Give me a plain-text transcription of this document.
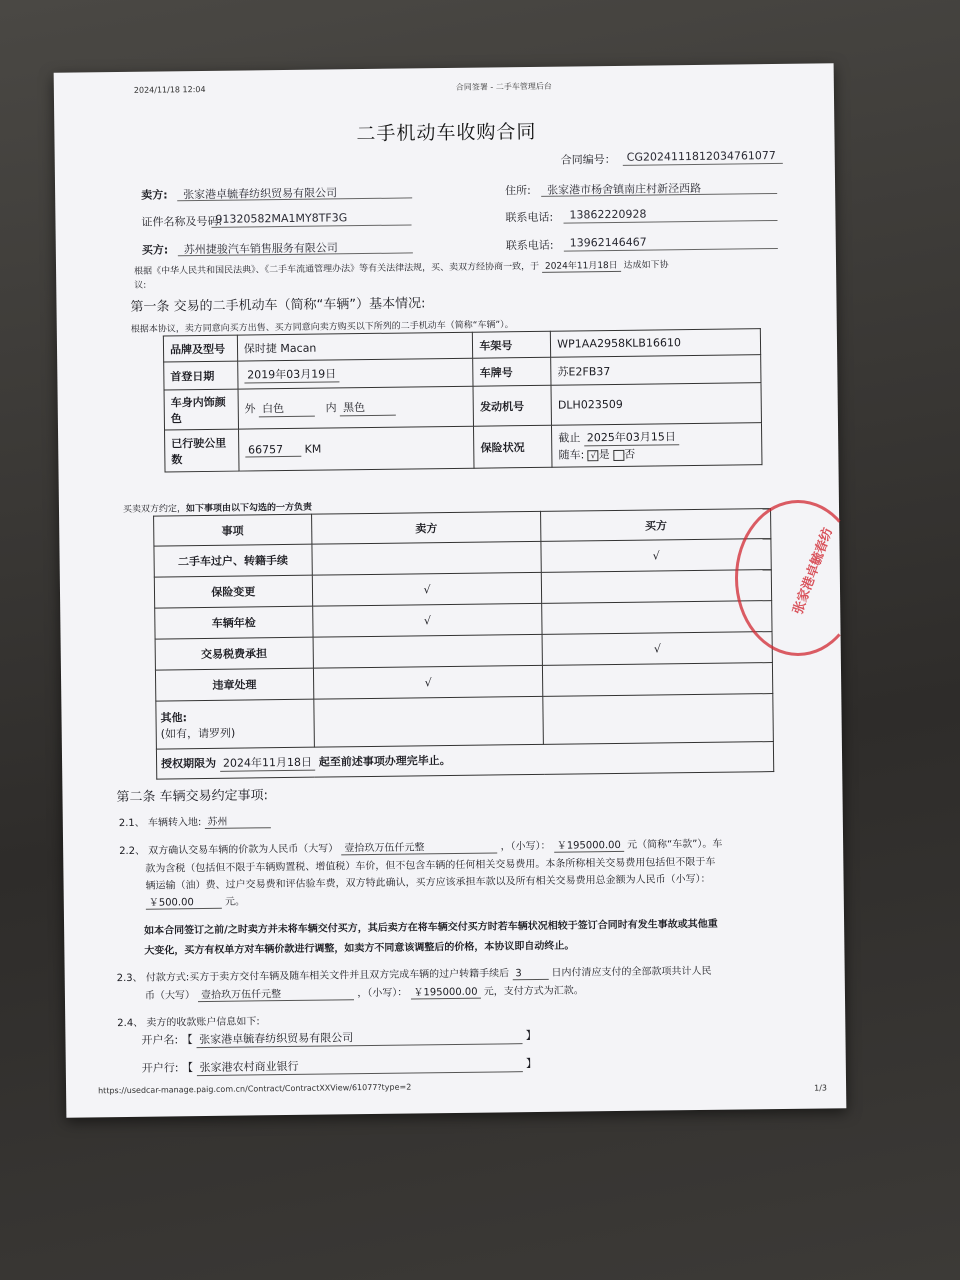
2024/11/18 12:04	合同签署 - 二手车管理后台
二手机动车收购合同
合同编号： CG20241118120347610​77
卖方: 张家港卓毓春纺织贸易有限公司	住所: 张家港市杨舍镇南庄村新泾西路
证件名称及号码:
91320582MA1MY8TF3G	联系电话: 13862220928
买方: 苏州捷骏汽车销售服务有限公司	联系电话: 13962146467
根据《中华人民共和国民法典》、《二手车流通管理办法》等有关法律法规，买、卖双方经协商一致，于 2024年11月18日 达成如下协
议:
第一条 交易的二手机动车（简称“车辆”）基本情况:
根据本协议，卖方同意向买方出售、买方同意向卖方购买以下所列的二手机动车（简称“车辆”）。
品牌及型号	保时捷 Macan	车架号	WP1AA2958KLB16610
首登日期	2019年03月19日	车牌号	苏E2FB37
车身内饰颜色	外 白色 内 黑色	发动机号	DLH023509
已行驶公里数	66757 KM	保险状况	截止 2025年03月15日
随车: √ 是 否
买卖双方约定，如下事项由以下勾选的一方负责
事项	卖方	买方
二手车过户、转籍手续		√
保险变更	√	
车辆年检	√	
交易税费承担		√
违章处理	√	

其他:
(如有，请罗列)		

授权期限为 2024年11月18日 起至前述事项办理完毕止。		
第二条 车辆交易约定事项:
2.1、 车辆转入地: 苏州
2.2、 双方确认交易车辆的价款为人民币（大写） 壹拾玖万伍仟元整	，（小写）： ￥195000.00 元（简称“车款”）。车
款为含税（包括但不限于车辆购置税、增值税）车价，但不包含车辆的任何相关交易费用。本条所称相关交易费用包括但不限于车
辆运输（油）费、过户交易费和评估验车费，双方特此确认，买方应该承担车款以及所有相关交易费用总金额为人民币（小写）：
￥500.00	元。
如本合同签订之前/之时卖方并未将车辆交付买方，其后卖方在将车辆交付买方时若车辆状况相较于签订合同时有发生事故或其他重
大变化，买方有权单方对车辆价款进行调整，如卖方不同意该调整后的价格，本协议即自动终止。
2.3、 付款方式:买方于卖方交付车辆及随车相关文件并且双方完成车辆的过户转籍手续后 3	日内付清应支付的全部款项共计人民
币（大写） 壹拾玖万伍仟元整	，（小写）： ￥195000.00 元，支付方式为汇款。
2.4、 卖方的收款账户信息如下:
开户名: 【 张家港卓毓春纺织贸易有限公司	】
开户行: 【 张家港农村商业银行	】
https://usedcar-manage.paig.com.cn/Contract/ContractXXView/61077?type=2	1/3
张家港卓毓春纺
